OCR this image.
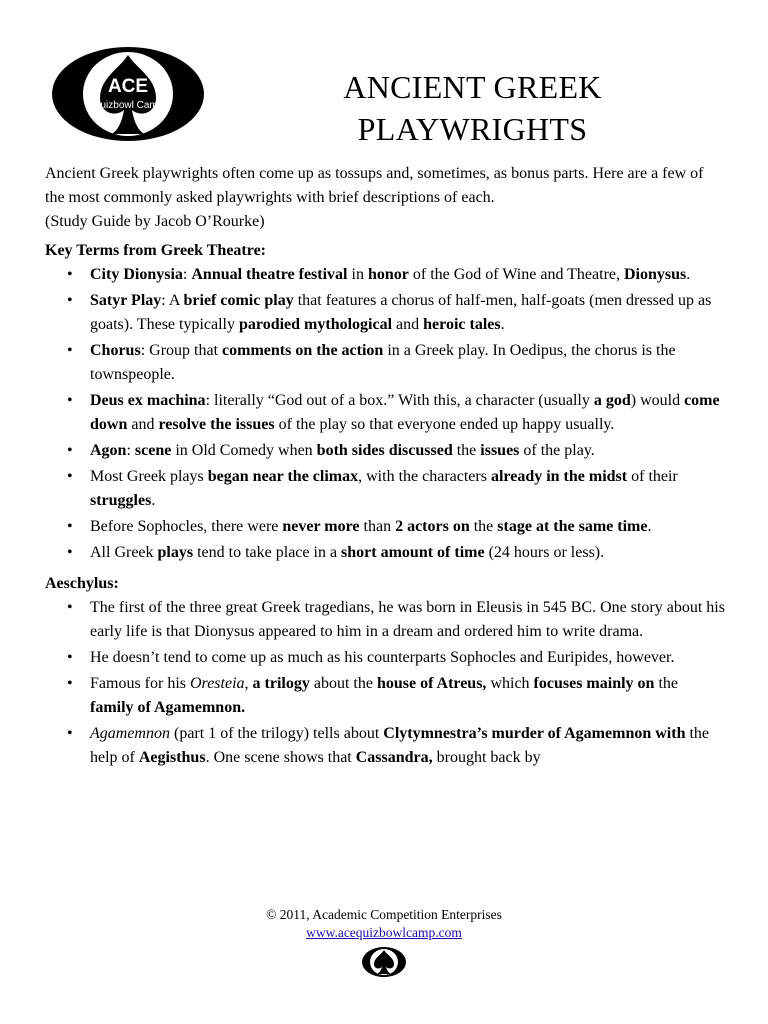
ACE
Quizbowl Camp
ANCIENT GREEK
PLAYWRIGHTS

Ancient Greek playwrights often come up as tossups and, sometimes, as bonus parts. Here are a few of the most commonly asked playwrights with brief descriptions of each.
(Study Guide by Jacob O’Rourke)

Key Terms from Greek Theatre:

• City Dionysia: Annual theatre festival in honor of the God of Wine and Theatre, Dionysus.
• Satyr Play: A brief comic play that features a chorus of half-men, half-goats (men dressed up as goats). These typically parodied mythological and heroic tales.
• Chorus: Group that comments on the action in a Greek play. In Oedipus, the chorus is the townspeople.
• Deus ex machina: literally “God out of a box.” With this, a character (usually a god) would come down and resolve the issues of the play so that everyone ended up happy usually.
• Agon: scene in Old Comedy when both sides discussed the issues of the play.
• Most Greek plays began near the climax, with the characters already in the midst of their struggles.
• Before Sophocles, there were never more than 2 actors on the stage at the same time.
• All Greek plays tend to take place in a short amount of time (24 hours or less).

Aeschylus:

• The first of the three great Greek tragedians, he was born in Eleusis in 545 BC. One story about his early life is that Dionysus appeared to him in a dream and ordered him to write drama.
• He doesn’t tend to come up as much as his counterparts Sophocles and Euripides, however.
• Famous for his Oresteia, a trilogy about the house of Atreus, which focuses mainly on the family of Agamemnon.
• Agamemnon (part 1 of the trilogy) tells about Clytymnestra’s murder of Agamemnon with the help of Aegisthus. One scene shows that Cassandra, brought back by
© 2011, Academic Competition Enterprises
www.acequizbowlcamp.com
